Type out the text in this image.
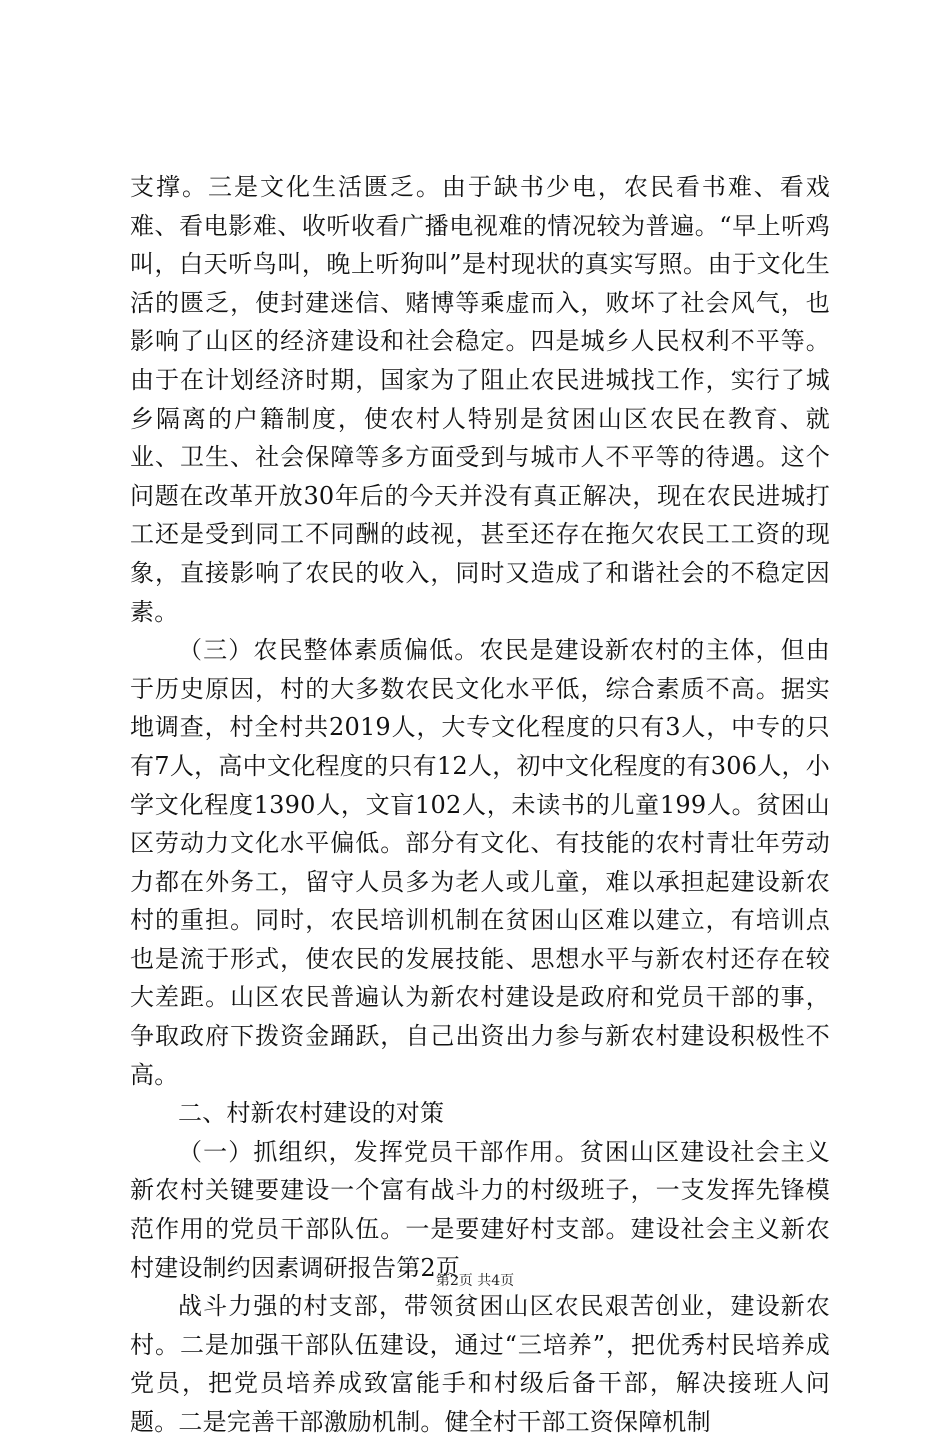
支撑。三是文化生活匮乏。由于缺书少电，农民看书难、看戏难、看电影难、收听收看广播电视难的情况较为普遍。“早上听鸡叫，白天听鸟叫，晚上听狗叫”是村现状的真实写照。由于文化生活的匮乏，使封建迷信、赌博等乘虚而入，败坏了社会风气，也影响了山区的经济建设和社会稳定。四是城乡人民权利不平等。由于在计划经济时期，国家为了阻止农民进城找工作，实行了城乡隔离的户籍制度，使农村人特别是贫困山区农民在教育、就业、卫生、社会保障等多方面受到与城市人不平等的待遇。这个问题在改革开放30年后的今天并没有真正解决，现在农民进城打工还是受到同工不同酬的歧视，甚至还存在拖欠农民工工资的现象，直接影响了农民的收入，同时又造成了和谐社会的不稳定因素。

（三）农民整体素质偏低。农民是建设新农村的主体，但由于历史原因，村的大多数农民文化水平低，综合素质不高。据实地调查，村全村共2019人，大专文化程度的只有3人，中专的只有7人，高中文化程度的只有12人，初中文化程度的有306人，小学文化程度1390人，文盲102人，未读书的儿童199人。贫困山区劳动力文化水平偏低。部分有文化、有技能的农村青壮年劳动力都在外务工，留守人员多为老人或儿童，难以承担起建设新农村的重担。同时，农民培训机制在贫困山区难以建立，有培训点也是流于形式，使农民的发展技能、思想水平与新农村还存在较大差距。山区农民普遍认为新农村建设是政府和党员干部的事，争取政府下拨资金踊跃，自己出资出力参与新农村建设积极性不高。

二、村新农村建设的对策

（一）抓组织，发挥党员干部作用。贫困山区建设社会主义新农村关键要建设一个富有战斗力的村级班子，一支发挥先锋模范作用的党员干部队伍。一是要建好村支部。建设社会主义新农村建设制约因素调研报告第2页

战斗力强的村支部，带领贫困山区农民艰苦创业，建设新农村。二是加强干部队伍建设，通过“三培养”，把优秀村民培养成党员，把党员培养成致富能手和村级后备干部，解决接班人问题。二是完善干部激励机制。健全村干部工资保障机制

第2页 共4页
